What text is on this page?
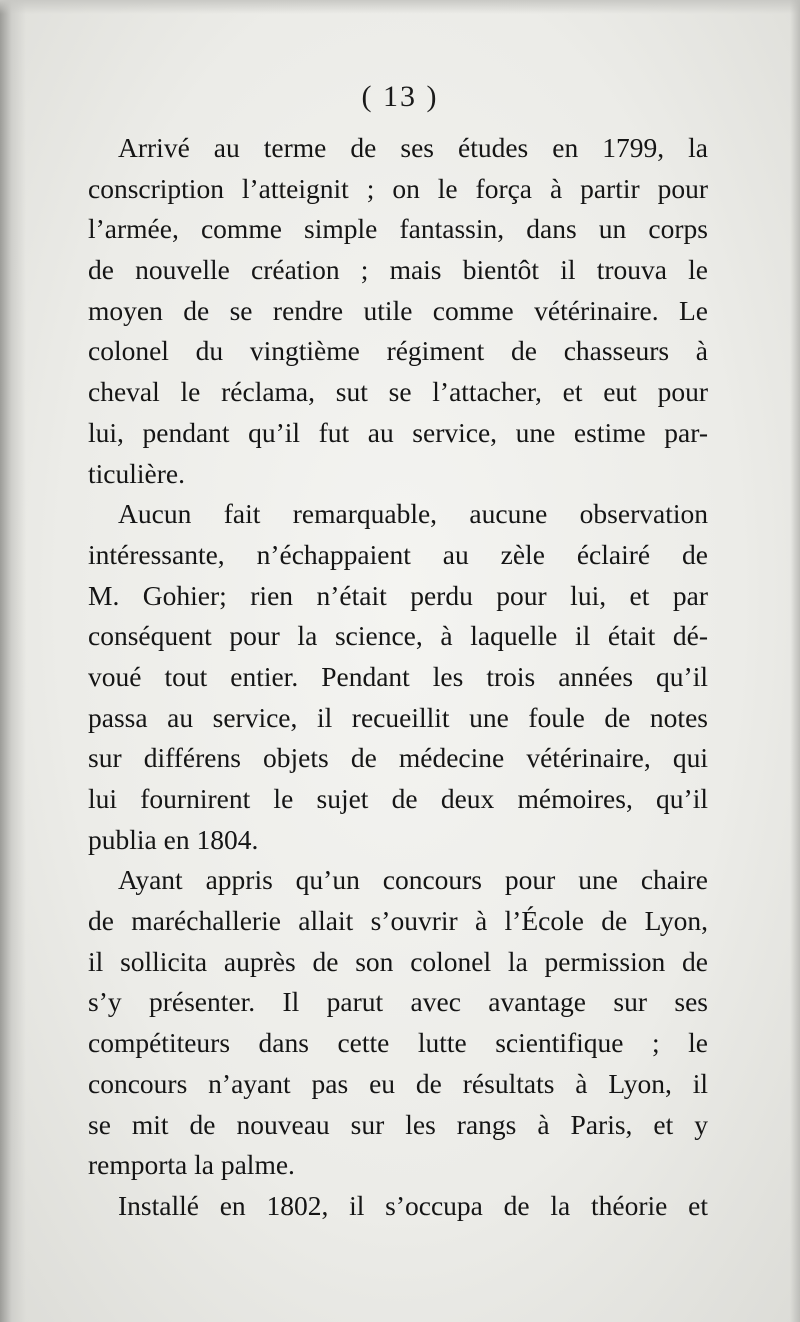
( 13 )
Arrivé au terme de ses études en 1799, la
conscription l’atteignit ; on le força à partir pour
l’armée, comme simple fantassin, dans un corps
de nouvelle création ; mais bientôt il trouva le
moyen de se rendre utile comme vétérinaire. Le
colonel du vingtième régiment de chasseurs à
cheval le réclama, sut se l’attacher, et eut pour
lui, pendant qu’il fut au service, une estime par-
ticulière.
Aucun fait remarquable, aucune observation
intéressante, n’échappaient au zèle éclairé de
M. Gohier; rien n’était perdu pour lui, et par
conséquent pour la science, à laquelle il était dé-
voué tout entier. Pendant les trois années qu’il
passa au service, il recueillit une foule de notes
sur différens objets de médecine vétérinaire, qui
lui fournirent le sujet de deux mémoires, qu’il
publia en 1804.
Ayant appris qu’un concours pour une chaire
de maréchallerie allait s’ouvrir à l’École de Lyon,
il sollicita auprès de son colonel la permission de
s’y présenter. Il parut avec avantage sur ses
compétiteurs dans cette lutte scientifique ; le
concours n’ayant pas eu de résultats à Lyon, il
se mit de nouveau sur les rangs à Paris, et y
remporta la palme.
Installé en 1802, il s’occupa de la théorie et
